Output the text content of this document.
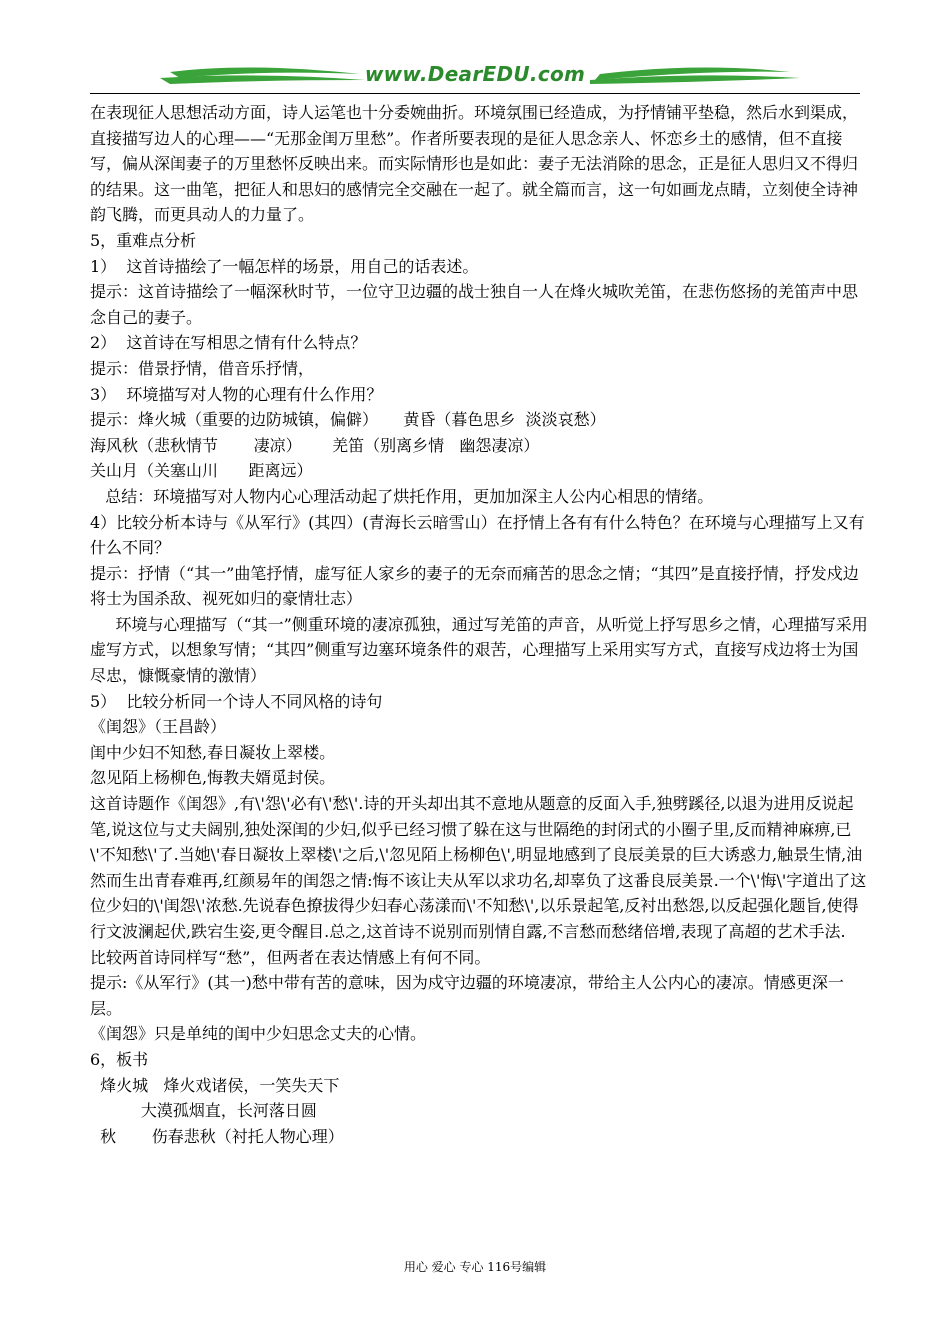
www.DearEDU.com

在表现征人思想活动方面，诗人运笔也十分委婉曲折。环境氛围已经造成，为抒情铺平垫稳，然后水到渠成，直接描写边人的心理——“无那金闺万里愁”。作者所要表现的是征人思念亲人、怀恋乡土的感情，但不直接写，偏从深闺妻子的万里愁怀反映出来。而实际情形也是如此：妻子无法消除的思念，正是征人思归又不得归的结果。这一曲笔，把征人和思妇的感情完全交融在一起了。就全篇而言，这一句如画龙点睛，立刻使全诗神韵飞腾，而更具动人的力量了。

5，重难点分析

1）  这首诗描绘了一幅怎样的场景，用自己的话表述。

提示：这首诗描绘了一幅深秋时节，一位守卫边疆的战士独自一人在烽火城吹羌笛，在悲伤悠扬的羌笛声中思念自己的妻子。

2）  这首诗在写相思之情有什么特点？

提示：借景抒情，借音乐抒情，

3）  环境描写对人物的心理有什么作用？

提示：烽火城（重要的边防城镇，偏僻）     黄昏（暮色思乡  淡淡哀愁）

海风秋（悲秋情节       凄凉）      羌笛（别离乡情   幽怨凄凉）

关山月（关塞山川      距离远）

总结：环境描写对人物内心心理活动起了烘托作用，更加加深主人公内心相思的情绪。

4）比较分析本诗与《从军行》(其四）(青海长云暗雪山）在抒情上各有有什么特色？在环境与心理描写上又有什么不同？

提示：抒情（“其一”曲笔抒情，虚写征人家乡的妻子的无奈而痛苦的思念之情；“其四”是直接抒情，抒发戍边将士为国杀敌、视死如归的豪情壮志）

环境与心理描写（“其一”侧重环境的凄凉孤独，通过写羌笛的声音，从听觉上抒写思乡之情，心理描写采用虚写方式，以想象写情；“其四”侧重写边塞环境条件的艰苦，心理描写上采用实写方式，直接写戍边将士为国尽忠，慷慨豪情的激情）

5）  比较分析同一个诗人不同风格的诗句

《闺怨》（王昌龄）

闺中少妇不知愁,春日凝妆上翠楼。

忽见陌上杨柳色,悔教夫婿觅封侯。

这首诗题作《闺怨》,有\'怨\'必有\'愁\'.诗的开头却出其不意地从题意的反面入手,独劈蹊径,以退为进用反说起笔,说这位与丈夫阔别,独处深闺的少妇,似乎已经习惯了躲在这与世隔绝的封闭式的小圈子里,反而精神麻痹,已\'不知愁\'了.当她\'春日凝妆上翠楼\'之后,\'忽见陌上杨柳色\',明显地感到了良辰美景的巨大诱惑力,触景生情,油然而生出青春难再,红颜易年的闺怨之情:悔不该让夫从军以求功名,却辜负了这番良辰美景.一个\'悔\'字道出了这位少妇的\'闺怨\'浓愁.先说春色撩拔得少妇春心荡漾而\'不知愁\',以乐景起笔,反衬出愁怨,以反起强化题旨,使得行文波澜起伏,跌宕生姿,更令醒目.总之,这首诗不说别而别情自露,不言愁而愁绪倍增,表现了高超的艺术手法.

比较两首诗同样写“愁”，但两者在表达情感上有何不同。

提示:《从军行》(其一)愁中带有苦的意味，因为戍守边疆的环境凄凉，带给主人公内心的凄凉。情感更深一层。

《闺怨》只是单纯的闺中少妇思念丈夫的心情。

6，板书

烽火城   烽火戏诸侯，一笑失天下

大漠孤烟直，长河落日圆

秋       伤春悲秋（衬托人物心理）

用心 爱心 专心 116号编辑
